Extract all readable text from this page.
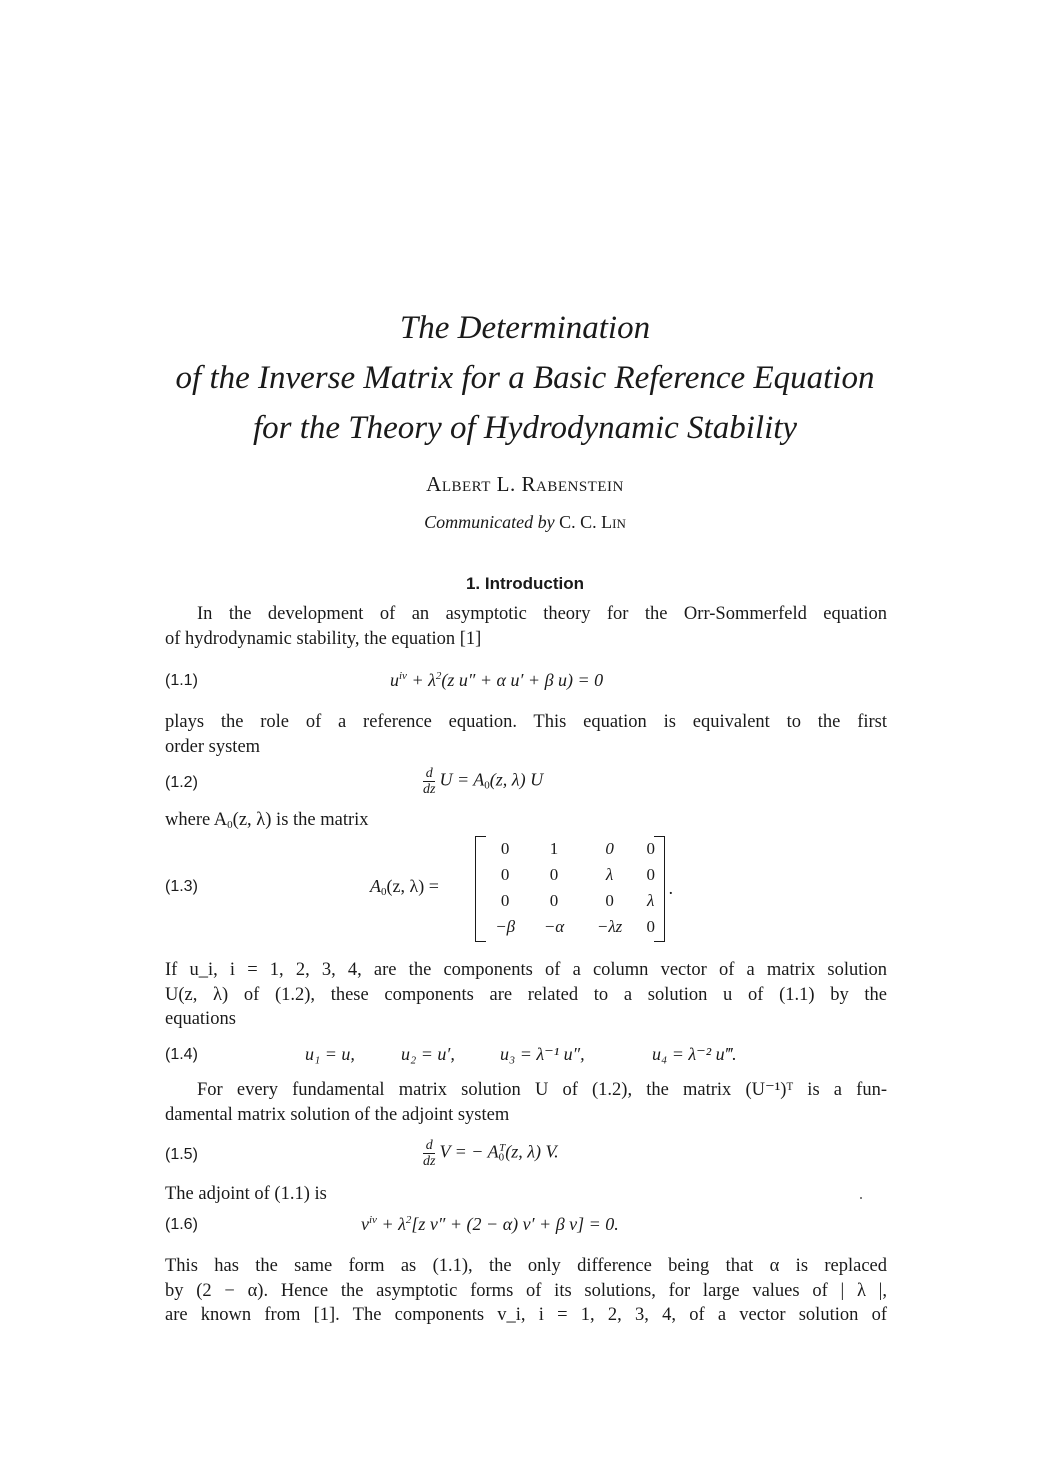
The Determination
of the Inverse Matrix for a Basic Reference Equation
for the Theory of Hydrodynamic Stability
Albert L. Rabenstein
Communicated by C. C. Lin
1. Introduction
In the development of an asymptotic theory for the Orr-Sommerfeld equation
of hydrodynamic stability, the equation [1]
(1.1)	$u^{iv} + \lambda^2(z$ u″ + α u′ + β u) = 0
plays the role of a reference equation. This equation is equivalent to the first
order system
(1.2)	$\frac{d}{dz}$ $U = A_0(z$, λ) U
where $A_0(z$, λ) is the matrix
(1.3)	$A_0(z$, λ) =	.
0	1	0	0
0	0	λ	0
0	0	0	λ
−β	−α	−λz	0
If u_i, i = 1, 2, 3, 4, are the components of a column vector of a matrix solution
U(z, λ) of (1.2), these components are related to a solution u of (1.1) by the
equations
(1.4)	u₁ = u,	u₂ = u′,	u₃ = λ⁻¹ u″,	u₄ = λ⁻² u‴.
For every fundamental matrix solution U of (1.2), the matrix (U⁻¹)ᵀ is a fun-
damental matrix solution of the adjoint system
(1.5)	$\frac{d}{dz}$ V = − $A_0^T(z$, λ) V.
The adjoint of (1.1) is
(1.6)	$v^{iv} + \lambda^2[z$ v″ + (2 − α) v′ + β v] = 0.
This has the same form as (1.1), the only difference being that α is replaced
by (2 − α). Hence the asymptotic forms of its solutions, for large values of | λ |,
are known from [1]. The components v_i, i = 1, 2, 3, 4, of a vector solution of
